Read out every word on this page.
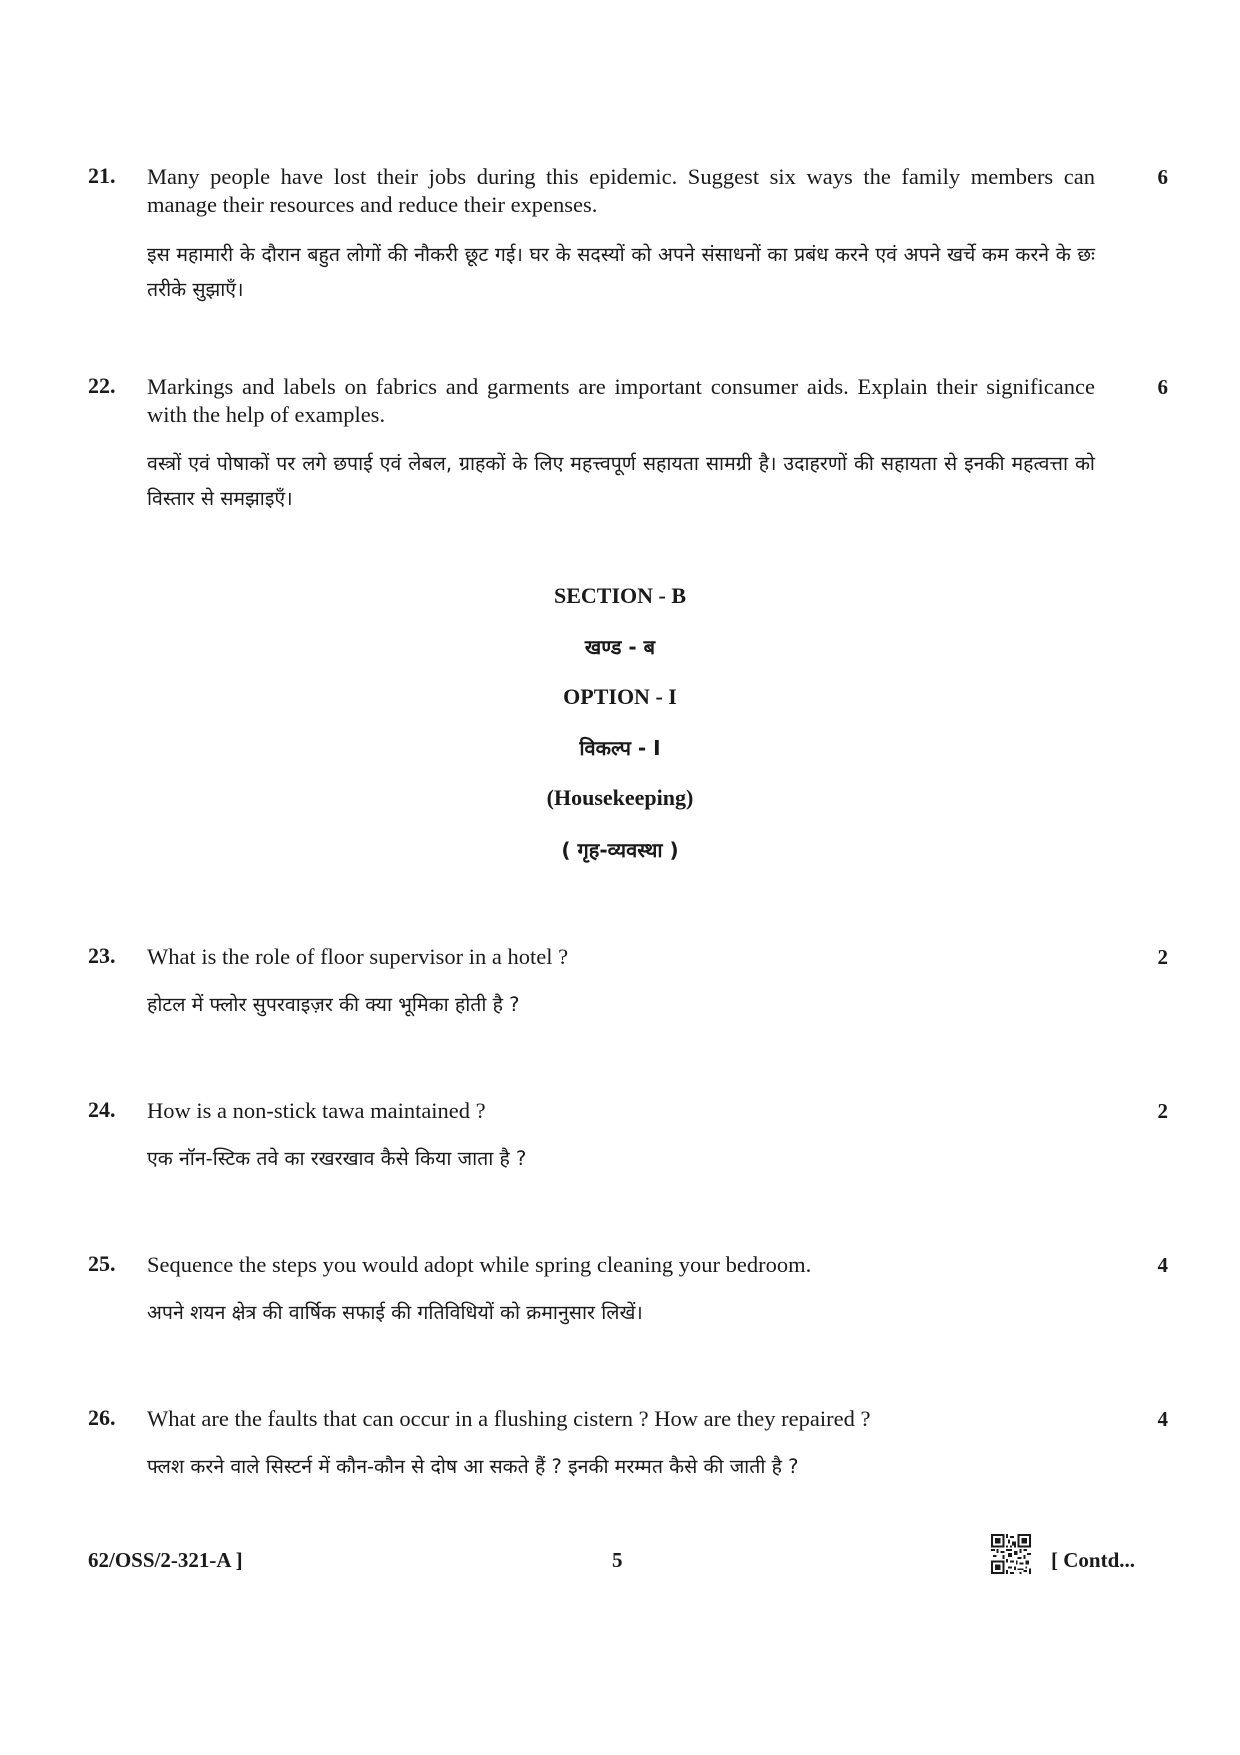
21. Many people have lost their jobs during this epidemic. Suggest six ways the family members can manage their resources and reduce their expenses.
इस महामारी के दौरान बहुत लोगों की नौकरी छूट गई। घर के सदस्यों को अपने संसाधनों का प्रबंध करने एवं अपने खर्चे कम करने के छः तरीके सुझाएँ।
6
22. Markings and labels on fabrics and garments are important consumer aids. Explain their significance with the help of examples.
वस्त्रों एवं पोषाकों पर लगे छपाई एवं लेबल, ग्राहकों के लिए महत्त्वपूर्ण सहायता सामग्री है। उदाहरणों की सहायता से इनकी महत्वत्ता को विस्तार से समझाइएँ।
6
SECTION - B
खण्ड - ब
OPTION - I
विकल्प - I
(Housekeeping)
( गृह-व्यवस्था )
23. What is the role of floor supervisor in a hotel ?
होटल में फ्लोर सुपरवाइज़र की क्या भूमिका होती है ?
2
24. How is a non-stick tawa maintained ?
एक नॉन-स्टिक तवे का रखरखाव कैसे किया जाता है ?
2
25. Sequence the steps you would adopt while spring cleaning your bedroom.
अपने शयन क्षेत्र की वार्षिक सफाई की गतिविधियों को क्रमानुसार लिखें।
4
26. What are the faults that can occur in a flushing cistern ? How are they repaired ?
फ्लश करने वाले सिस्टर्न में कौन-कौन से दोष आ सकते हैं ? इनकी मरम्मत कैसे की जाती है ?
4
62/OSS/2-321-A ]	5	[ Contd...
